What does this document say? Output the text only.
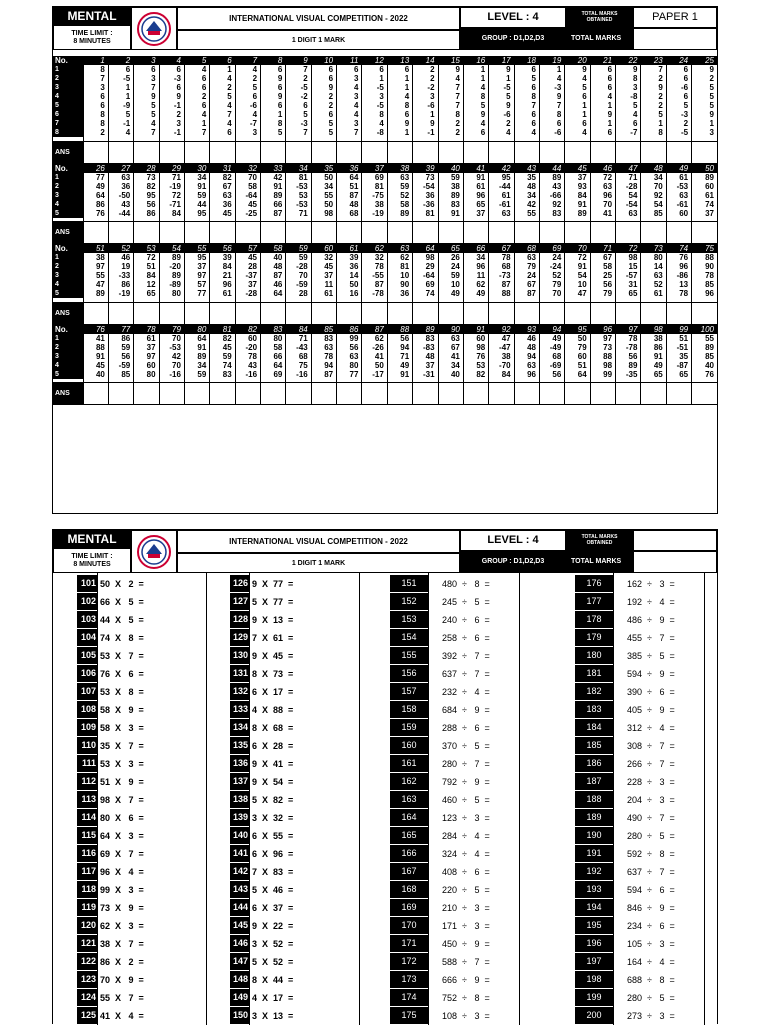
MENTAL
TIME LIMIT :
8 MINUTES
INTERNATIONAL VISUAL COMPETITION - 2022
1 DIGIT 1 MARK
LEVEL : 4
GROUP : D1,D2,D3
TOTAL MARKS
OBTAINED
TOTAL MARKS
PAPER 1
No.	1	2	3	4	5	6	7	8	9	10	11	12	13	14	15	16	17	18	19	20	21	22	23	24	25
1	8	6	6	6	4	1	4	6	7	6	6	6	6	2	9	1	9	6	1	9	6	9	7	6	9
2	7	-5	3	-3	6	4	2	9	2	6	3	1	1	2	4	1	1	5	4	4	6	8	2	6	2
3	3	1	7	6	6	2	5	6	-5	9	4	-5	1	-2	7	4	-5	6	-3	5	6	3	9	-6	5
4	6	1	9	9	2	5	6	9	-2	2	3	3	4	3	7	8	5	8	9	6	4	-8	2	6	5
5	6	-9	5	-1	6	4	-6	6	6	2	4	-5	8	-6	7	5	9	7	7	1	1	5	2	5	5
6	8	5	5	2	4	7	4	1	5	6	4	8	6	1	8	9	-6	6	8	1	9	4	5	-3	9
7	8	-1	4	3	1	4	-7	8	-3	5	3	4	9	9	2	4	2	6	6	6	1	6	1	2	1
8	2	4	7	-1	7	6	3	5	7	5	7	-8	1	-1	2	6	4	4	-6	4	6	-7	8	-5	3

ANS																									
No.	26	27	28	29	30	31	32	33	34	35	36	37	38	39	40	41	42	43	44	45	46	47	48	49	50
1	77	63	73	71	34	82	70	42	81	50	64	69	63	73	59	91	95	35	89	37	72	71	34	61	89
2	49	36	82	-19	91	67	58	91	-53	34	51	81	59	-54	38	61	-44	48	43	93	63	-28	70	-53	60
3	64	-50	95	72	59	63	-64	89	53	55	87	-75	52	36	89	96	61	34	-66	84	96	54	92	63	61
4	86	43	56	-71	44	36	45	66	-53	50	48	38	58	-36	83	65	-61	42	92	91	70	-54	54	-61	74
5	76	-44	86	84	95	45	-25	87	71	98	68	-19	89	81	91	37	63	55	83	89	41	63	85	60	37

ANS																									
No.	51	52	53	54	55	56	57	58	59	60	61	62	63	64	65	66	67	68	69	70	71	72	73	74	75
1	38	46	72	89	95	39	45	40	59	32	39	32	62	98	26	34	78	63	24	72	67	98	80	76	88
2	97	19	51	-20	37	84	28	48	-28	45	36	78	81	29	24	96	68	79	-24	91	58	15	14	96	90
3	55	-33	84	89	97	21	-37	87	70	37	14	-55	10	-64	59	11	-73	24	52	54	25	-57	63	-86	78
4	47	86	12	-89	57	96	37	46	-59	11	50	87	90	69	10	62	87	67	79	10	56	31	52	13	85
5	89	-19	65	80	77	61	-28	64	28	61	16	-78	36	74	49	49	88	87	70	47	79	65	61	78	96

ANS																									
No.	76	77	78	79	80	81	82	83	84	85	86	87	88	89	90	91	92	93	94	95	96	97	98	99	100
1	41	86	61	70	64	82	60	80	71	83	99	62	56	83	63	60	47	46	49	50	97	78	38	51	55
2	88	59	37	-53	91	45	-20	58	-43	63	56	-26	94	-83	67	98	-47	48	-49	79	73	-78	86	-51	89
3	91	56	97	42	89	59	78	66	68	78	63	41	71	48	41	76	38	94	68	60	88	56	91	35	85
4	45	-59	60	70	34	74	43	64	75	94	80	50	49	37	34	53	-70	63	-69	51	98	89	49	-87	40
5	40	85	80	-16	59	83	-16	69	-16	87	77	-17	91	-31	40	82	84	96	56	64	99	-35	65	65	76

ANS																									
MENTAL
TIME LIMIT :
8 MINUTES
INTERNATIONAL VISUAL COMPETITION - 2022
1 DIGIT 1 MARK
LEVEL : 4
GROUP : D1,D2,D3
TOTAL MARKS
OBTAINED
TOTAL MARKS
101 50  X   2  =
102 66  X   5  =
103 44  X   5  =
104 74  X   8  =
105 53  X   7  =
106 76  X   6  =
107 53  X   8  =
108 58  X   9  =
109 58  X   3  =
110 35  X   7  =
111 53  X   3  =
112 51  X   9  =
113 98  X   7  =
114 80  X   6  =
115 64  X   3  =
116 69  X   7  =
117 96  X   4  =
118 99  X   3  =
119 73  X   9  =
120 62  X   3  =
121 38  X   7  =
122 86  X   2  =
123 70  X   9  =
124 55  X   7  =
125 41  X   4  =
126 9  X  77  =
127 5  X  77  =
128 9  X  13  =
129 7  X  61  =
130 9  X  45  =
131 8  X  73  =
132 6  X  17  =
133 4  X  88  =
134 8  X  68  =
135 6  X  28  =
136 9  X  41  =
137 9  X  54  =
138 5  X  82  =
139 3  X  32  =
140 6  X  55  =
141 6  X  96  =
142 7  X  83  =
143 5  X  46  =
144 6  X  37  =
145 9  X  22  =
146 3  X  52  =
147 5  X  52  =
148 8  X  44  =
149 4  X  17  =
150 3  X  13  =
151	480  ÷   8  =
152	245  ÷   5  =
153	240  ÷   6  =
154	258  ÷   6  =
155	392  ÷   7  =
156	637  ÷   7  =
157	232  ÷   4  =
158	684  ÷   9  =
159	288  ÷   6  =
160	370  ÷   5  =
161	280  ÷   7  =
162	792  ÷   9  =
163	460  ÷   5  =
164	123  ÷   3  =
165	284  ÷   4  =
166	324  ÷   4  =
167	408  ÷   6  =
168	220  ÷   5  =
169	210  ÷   3  =
170	171  ÷   3  =
171	450  ÷   9  =
172	588  ÷   7  =
173	666  ÷   9  =
174	752  ÷   8  =
175	108  ÷   3  =
176	162  ÷   3  =
177	192  ÷   4  =
178	486  ÷   9  =
179	455  ÷   7  =
180	385  ÷   5  =
181	594  ÷   9  =
182	390  ÷   6  =
183	405  ÷   9  =
184	312  ÷   4  =
185	308  ÷   7  =
186	266  ÷   7  =
187	228  ÷   3  =
188	204  ÷   3  =
189	490  ÷   7  =
190	280  ÷   5  =
191	592  ÷   8  =
192	637  ÷   7  =
193	594  ÷   6  =
194	846  ÷   9  =
195	234  ÷   6  =
196	105  ÷   3  =
197	164  ÷   4  =
198	688  ÷   8  =
199	280  ÷   5  =
200	273  ÷   3  =
